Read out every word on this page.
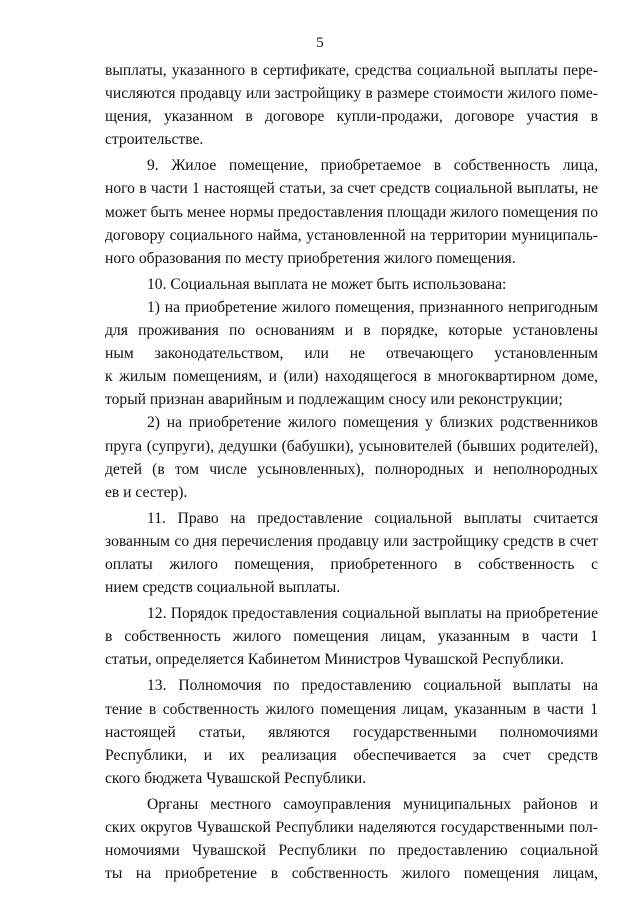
5
выплаты, указанного в сертификате, средства социальной выплаты пере-
числяются продавцу или застройщику в размере стоимости жилого поме-
щения, указанном в договоре купли-продажи, договоре участия в
строительстве.
9. Жилое помещение, приобретаемое в собственность лица,
ного в части 1 настоящей статьи, за счет средств социальной выплаты, не
может быть менее нормы предоставления площади жилого помещения по
договору социального найма, установленной на территории муниципаль-
ного образования по месту приобретения жилого помещения.
10. Социальная выплата не может быть использована:
1) на приобретение жилого помещения, признанного непригодным
для проживания по основаниям и в порядке, которые установлены
ным законодательством, или не отвечающего установленным
к жилым помещениям, и (или) находящегося в многоквартирном доме,
торый признан аварийным и подлежащим сносу или реконструкции;
2) на приобретение жилого помещения у близких родственников
пруга (супруги), дедушки (бабушки), усыновителей (бывших родителей),
детей (в том числе усыновленных), полнородных и неполнородных
ев и сестер).
11. Право на предоставление социальной выплаты считается
зованным со дня перечисления продавцу или застройщику средств в счет
оплаты жилого помещения, приобретенного в собственность с
нием средств социальной выплаты.
12. Порядок предоставления социальной выплаты на приобретение
в собственность жилого помещения лицам, указанным в части 1
статьи, определяется Кабинетом Министров Чувашской Республики.
13. Полномочия по предоставлению социальной выплаты на
тение в собственность жилого помещения лицам, указанным в части 1
настоящей статьи, являются государственными полномочиями
Республики, и их реализация обеспечивается за счет средств
ского бюджета Чувашской Республики.
Органы местного самоуправления муниципальных районов и
ских округов Чувашской Республики наделяются государственными пол-
номочиями Чувашской Республики по предоставлению социальной
ты на приобретение в собственность жилого помещения лицам,
